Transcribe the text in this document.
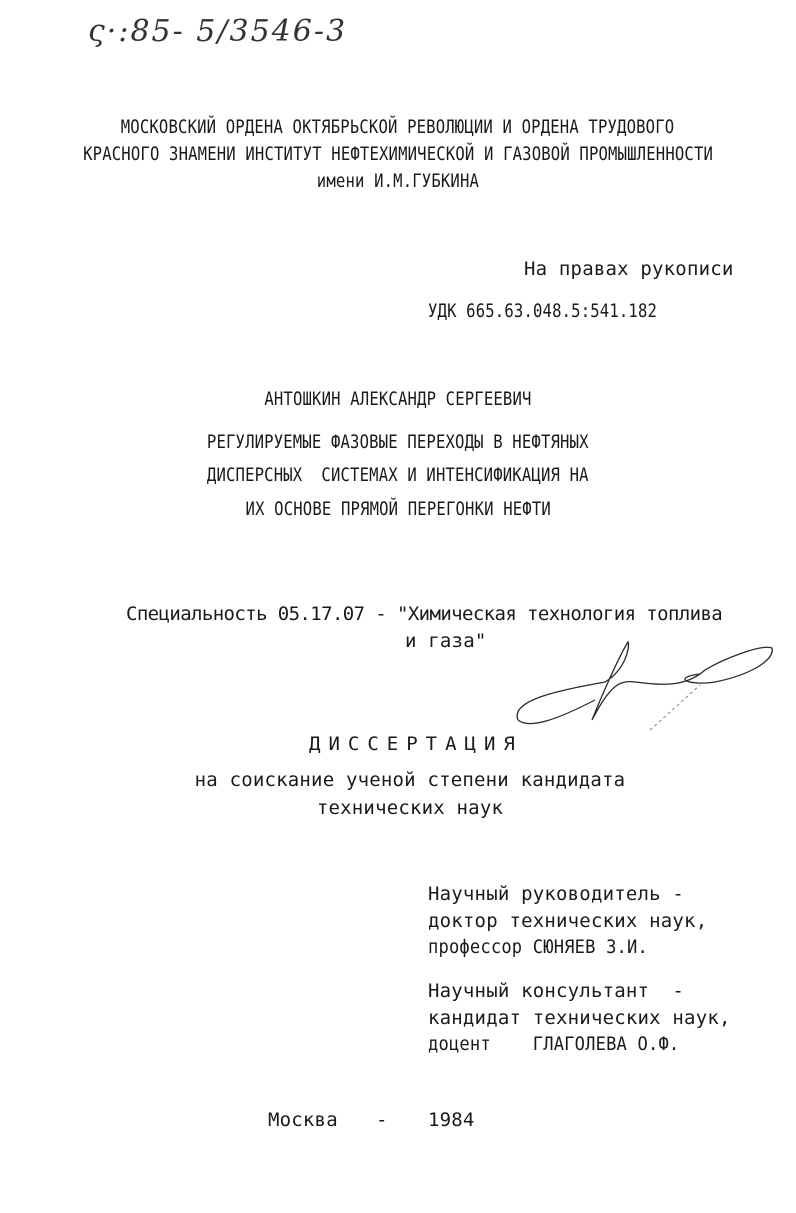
ς·:85- 5/3546-3
МОСКОВСКИЙ ОРДЕНА ОКТЯБРЬСКОЙ РЕВОЛЮЦИИ И ОРДЕНА ТРУДОВОГО
КРАСНОГО ЗНАМЕНИ ИНСТИТУТ НЕФТЕХИМИЧЕСКОЙ И ГАЗОВОЙ ПРОМЫШЛЕННОСТИ
имени И.М.ГУБКИНА
На правах рукописи
УДК 665.63.048.5:541.182
АНТОШКИН АЛЕКСАНДР СЕРГЕЕВИЧ
РЕГУЛИРУЕМЫЕ ФАЗОВЫЕ ПЕРЕХОДЫ В НЕФТЯНЫХ
ДИСПЕРСНЫХ  СИСТЕМАХ И ИНТЕНСИФИКАЦИЯ НА
ИХ ОСНОВЕ ПРЯМОЙ ПЕРЕГОНКИ НЕФТИ
Специальность 05.17.07 - "Химическая технология топлива
и газа"
ДИССЕРТАЦИЯ
на соискание ученой степени кандидата
технических наук
Научный руководитель -
доктор технических наук,
профессор СЮНЯЕВ З.И.
Научный консультант  -
кандидат технических наук,
доцент    ГЛАГОЛЕВА О.Ф.
Москва - 1984
